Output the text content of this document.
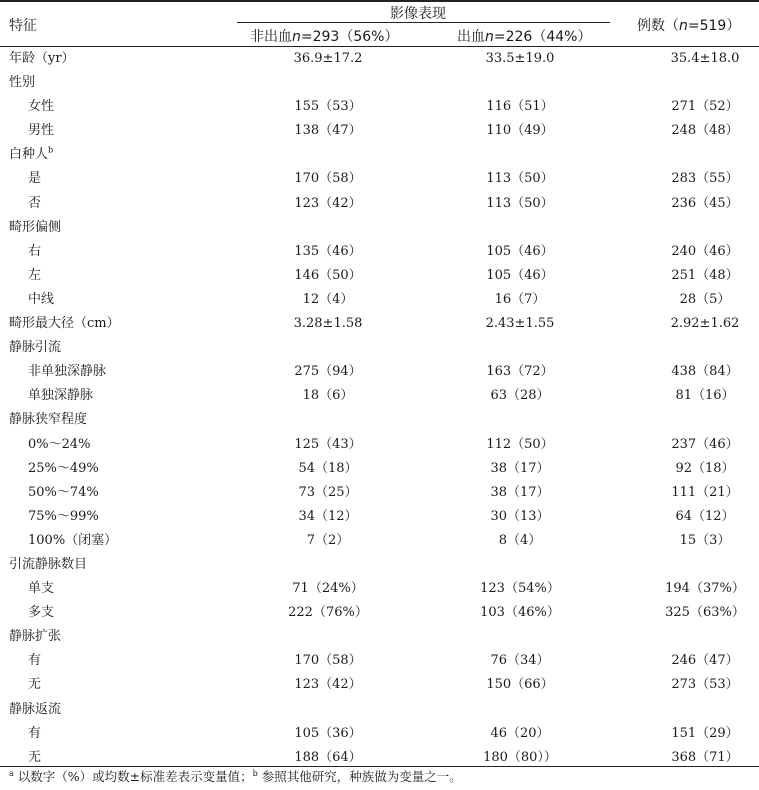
特征
影像表现
非出血n=293（56%）	出血n=226（44%）
例数（n=519）
年龄（yr）	36.9±17.2	33.5±19.0	35.4±18.0
性别
女性	155（53）	116（51）	271（52）
男性	138（47）	110（49）	248（48）
白种人$^b$
是	170（58）	113（50）	283（55）
否	123（42）	113（50）	236（45）
畸形偏侧
右	135（46）	105（46）	240（46）
左	146（50）	105（46）	251（48）
中线	12（4）	16（7）	28（5）
畸形最大径（cm）	3.28±1.58	2.43±1.55	2.92±1.62
静脉引流
非单独深静脉	275（94）	163（72）	438（84）
单独深静脉	18（6）	63（28）	81（16）
静脉狭窄程度
0%～24%	125（43）	112（50）	237（46）
25%～49%	54（18）	38（17）	92（18）
50%～74%	73（25）	38（17）	111（21）
75%～99%	34（12）	30（13）	64（12）
100%（闭塞）	7（2）	8（4）	15（3）
引流静脉数目
单支	71（24%）	123（54%）	194（37%）
多支	222（76%）	103（46%）	325（63%）
静脉扩张
有	170（58）	76（34）	246（47）
无	123（42）	150（66）	273（53）
静脉返流
有	105（36）	46（20）	151（29）
无	188（64）	180（80））	368（71）
$^a$ 以数字（%）或均数±标准差表示变量值；$^b$ 参照其他研究，种族做为变量之一。
